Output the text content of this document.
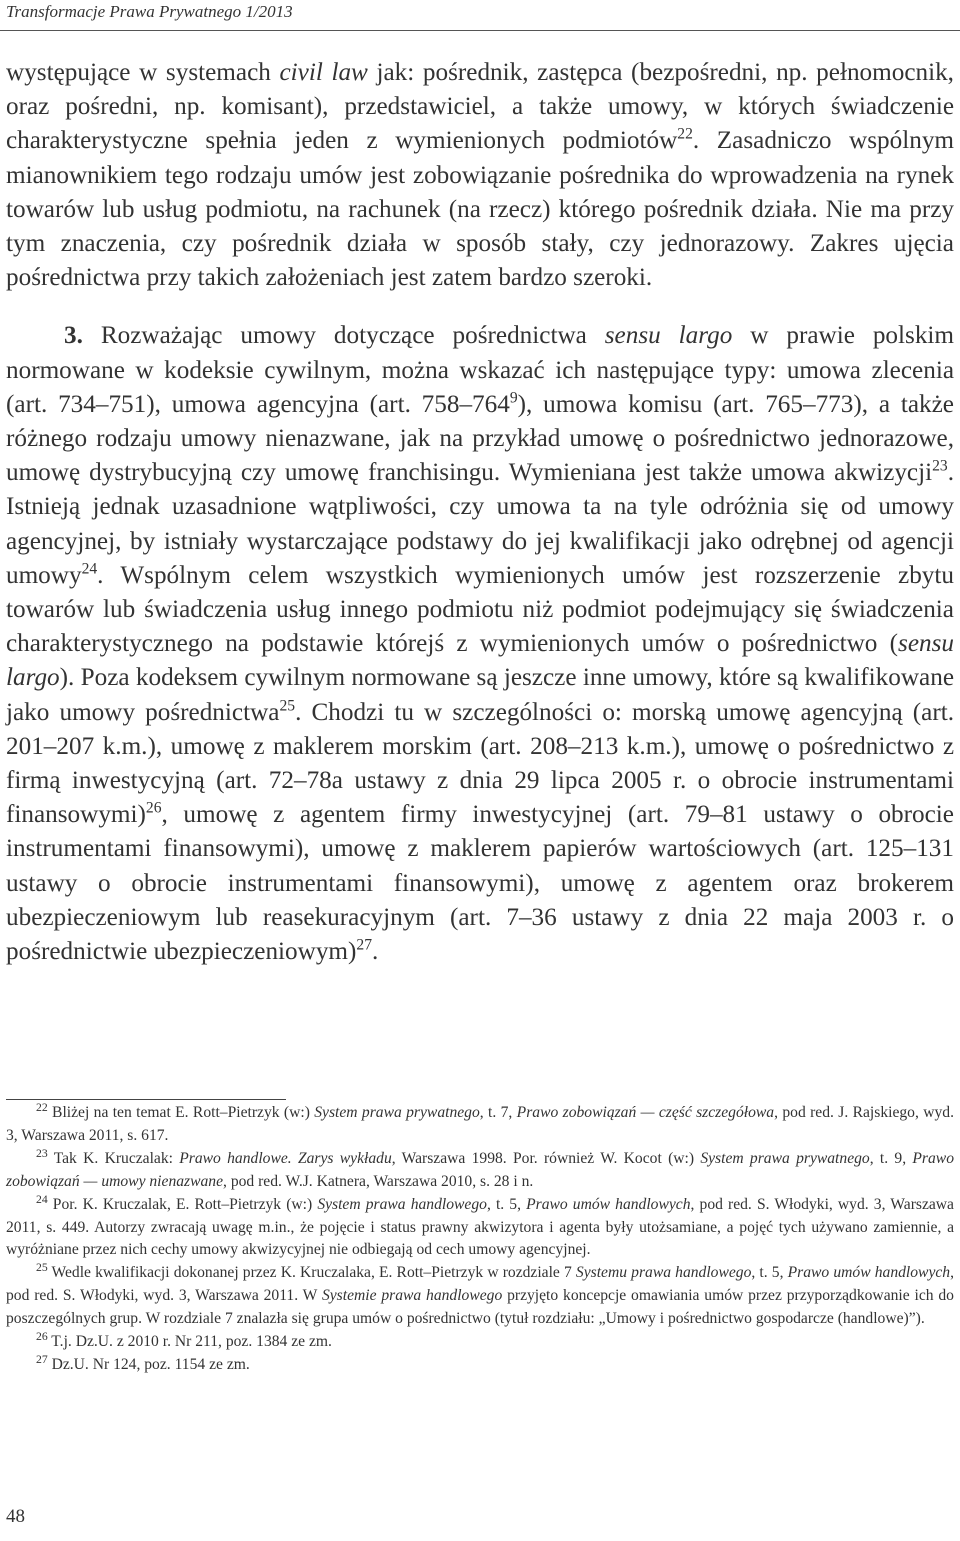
Transformacje Prawa Prywatnego 1/2013

występujące w systemach civil law jak: pośrednik, zastępca (bezpośredni, np. pełnomocnik, oraz pośredni, np. komisant), przedstawiciel, a także umowy, w których świadczenie charakterystyczne spełnia jeden z wymienionych podmiotów$^{22}$. Zasadniczo wspólnym mianownikiem tego rodzaju umów jest zobowiązanie pośrednika do wprowadzenia na rynek towarów lub usług podmiotu, na rachunek (na rzecz) którego pośrednik działa. Nie ma przy tym znaczenia, czy pośrednik działa w sposób stały, czy jednorazowy. Zakres ujęcia pośrednictwa przy takich założeniach jest zatem bardzo szeroki.

3. Rozważając umowy dotyczące pośrednictwa sensu largo w prawie polskim normowane w kodeksie cywilnym, można wskazać ich następujące typy: umowa zlecenia (art. 734–751), umowa agencyjna (art. $758-764^9$), umowa komisu (art. 765–773), a także różnego rodzaju umowy nienazwane, jak na przykład umowę o pośrednictwo jednorazowe, umowę dystrybucyjną czy umowę franchisingu. Wymieniana jest także umowa akwizycji$^{23}$. Istnieją jednak uzasadnione wątpliwości, czy umowa ta na tyle odróżnia się od umowy agencyjnej, by istniały wystarczające podstawy do jej kwalifikacji jako odrębnej od agencji umowy$^{24}$. Wspólnym celem wszystkich wymienionych umów jest rozszerzenie zbytu towarów lub świadczenia usług innego podmiotu niż podmiot podejmujący się świadczenia charakterystycznego na podstawie którejś z wymienionych umów o pośrednictwo (sensu largo). Poza kodeksem cywilnym normowane są jeszcze inne umowy, które są kwalifikowane jako umowy pośrednictwa$^{25}$. Chodzi tu w szczególności o: morską umowę agencyjną (art. 201–207 k.m.), umowę z maklerem morskim (art. 208–213 k.m.), umowę o pośrednictwo z firmą inwestycyjną (art. 72–78a ustawy z dnia 29 lipca 2005 r. o obrocie instrumentami finansowymi)$^{26}$, umowę z agentem firmy inwestycyjnej (art. 79–81 ustawy o obrocie instrumentami finansowymi), umowę z maklerem papierów wartościowych (art. 125–131 ustawy o obrocie instrumentami finansowymi), umowę z agentem oraz brokerem ubezpieczeniowym lub reasekuracyjnym (art. 7–36 ustawy z dnia 22 maja 2003 r. o pośrednictwie ubezpieczeniowym)$^{27}$.

$^{22}$ Bliżej na ten temat E. Rott–Pietrzyk (w:) System prawa prywatnego, t. 7, Prawo zobowiązań — część szczegółowa, pod red. J. Rajskiego, wyd. 3, Warszawa 2011, s. 617.

$^{23}$ Tak K. Kruczalak: Prawo handlowe. Zarys wykładu, Warszawa 1998. Por. również W. Kocot (w:) System prawa prywatnego, t. 9, Prawo zobowiązań — umowy nienazwane, pod red. W.J. Katnera, Warszawa 2010, s. 28 i n.

$^{24}$ Por. K. Kruczalak, E. Rott–Pietrzyk (w:) System prawa handlowego, t. 5, Prawo umów handlowych, pod red. S. Włodyki, wyd. 3, Warszawa 2011, s. 449. Autorzy zwracają uwagę m.in., że pojęcie i status prawny akwizytora i agenta były utożsamiane, a pojęć tych używano zamiennie, a wyróżniane przez nich cechy umowy akwizycyjnej nie odbiegają od cech umowy agencyjnej.

$^{25}$ Wedle kwalifikacji dokonanej przez K. Kruczalaka, E. Rott–Pietrzyk w rozdziale 7 Systemu prawa handlowego, t. 5, Prawo umów handlowych, pod red. S. Włodyki, wyd. 3, Warszawa 2011. W Systemie prawa handlowego przyjęto koncepcje omawiania umów przez przyporządkowanie ich do poszczególnych grup. W rozdziale 7 znalazła się grupa umów o pośrednictwo (tytuł rozdziału: „Umowy i pośrednictwo gospodarcze (handlowe)”).

$^{26}$ T.j. Dz.U. z 2010 r. Nr 211, poz. 1384 ze zm.

$^{27}$ Dz.U. Nr 124, poz. 1154 ze zm.

48
